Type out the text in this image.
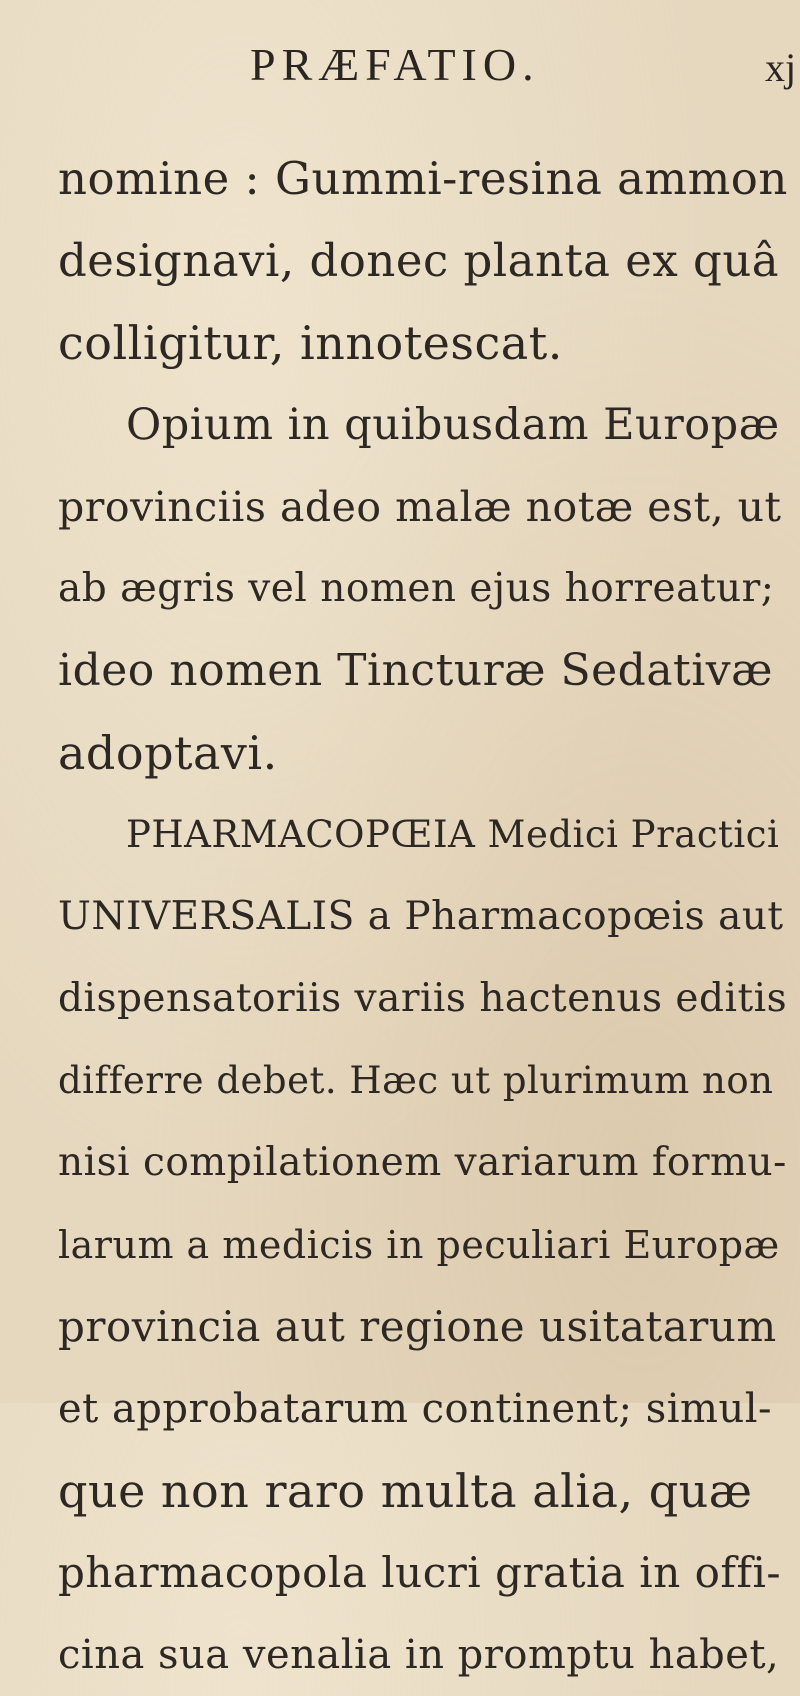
PRÆFATIO.	xj
nomine : Gummi-resina ammon
designavi, donec planta ex quâ
colligitur, innotescat.
Opium in quibusdam Europæ
provinciis adeo malæ notæ est, ut
ab ægris vel nomen ejus horreatur;
ideo nomen Tincturæ Sedativæ
adoptavi.
PHARMACOPŒIA Medici Practici
UNIVERSALIS a Pharmacopœis aut
dispensatoriis variis hactenus editis
differre debet. Hæc ut plurimum non
nisi compilationem variarum formu-
larum a medicis in peculiari Europæ
provincia aut regione usitatarum
et approbatarum continent; simul-
que non raro multa alia, quæ
pharmacopola lucri gratia in offi-
cina sua venalia in promptu habet,
